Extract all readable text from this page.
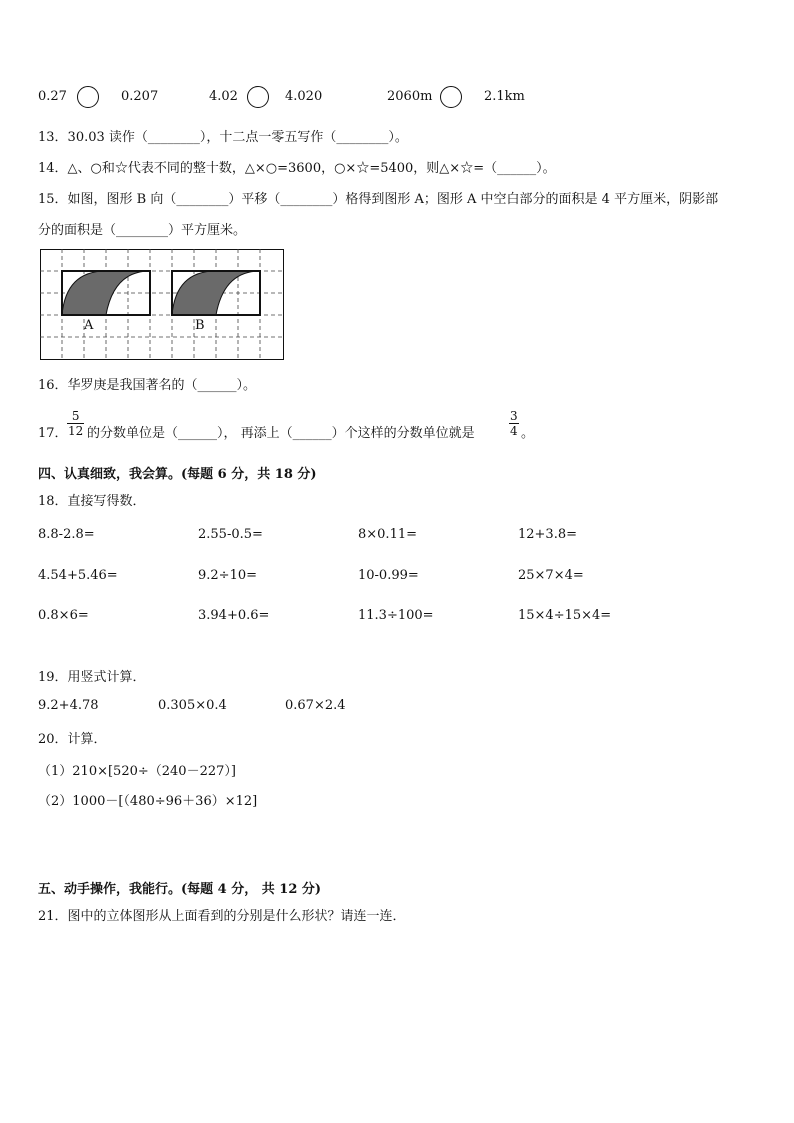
0.27	0.207	4.02	4.020	2060m	2.1km
13．30.03 读作（________），十二点一零五写作（________）。
14．△、○和☆代表不同的整十数，△×○=3600，○×☆=5400，则△×☆=（______）。
15．如图，图形 B 向（________）平移（________）格得到图形 A；图形 A 中空白部分的面积是 4 平方厘米，阴影部
分的面积是（________）平方厘米。
A	B
16．华罗庚是我国著名的（______）。
17． $\frac{5}{12}$ 的分数单位是（______）， 再添上（______）个这样的分数单位就是	$\frac{3}{4}$ 。
四、认真细致，我会算。(每题 6 分，共 18 分)
18．直接写得数．
8.8-2.8=	2.55-0.5=	8×0.11=	12+3.8=
4.54+5.46=	9.2÷10=	10-0.99=	25×7×4=
0.8×6=	3.94+0.6=	11.3÷100=	15×4÷15×4=
19．用竖式计算．
9.2+4.78	0.305×0.4	0.67×2.4
20．计算．
（1）210×[520÷（240－227）]
（2）1000－[（480÷96＋36）×12]
五、动手操作，我能行。(每题 4 分， 共 12 分)
21．图中的立体图形从上面看到的分别是什么形状？请连一连．
